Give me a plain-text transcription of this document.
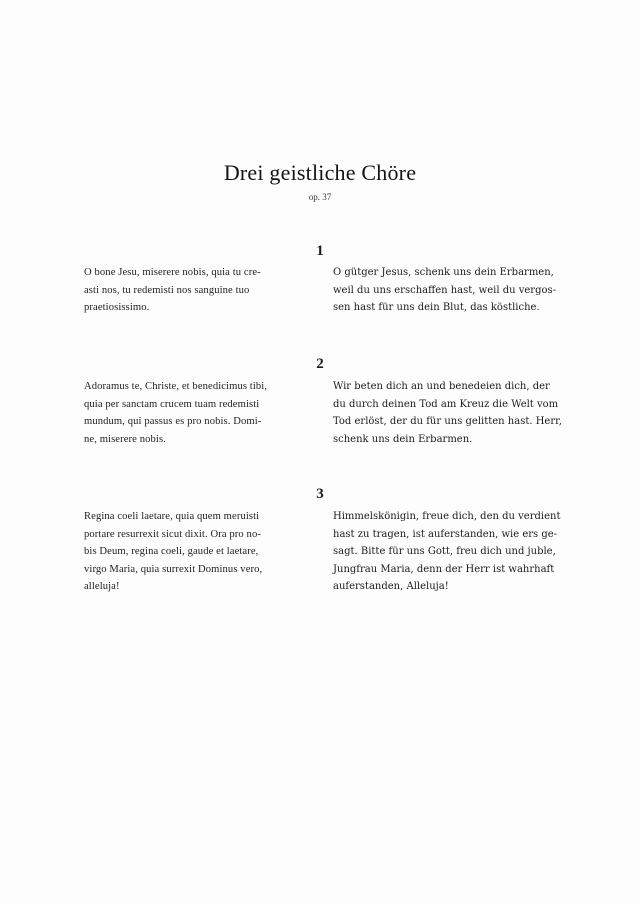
Drei geistliche Chöre
op. 37
1
O bone Jesu, miserere nobis, quia tu cre-
asti nos, tu redemisti nos sanguine tuo
praetiosissimo.
O gütger Jesus, schenk uns dein Erbarmen,
weil du uns erschaffen hast, weil du vergos-
sen hast für uns dein Blut, das köstliche.
2
Adoramus te, Christe, et benedicimus tibi,
quia per sanctam crucem tuam redemisti
mundum, qui passus es pro nobis. Domi-
ne, miserere nobis.
Wir beten dich an und benedeien dich, der
du durch deinen Tod am Kreuz die Welt vom
Tod erlöst, der du für uns gelitten hast. Herr,
schenk uns dein Erbarmen.
3
Regina coeli laetare, quia quem meruisti
portare resurrexit sicut dixit. Ora pro no-
bis Deum, regina coeli, gaude et laetare,
virgo Maria, quia surrexit Dominus vero,
alleluja!
Himmelskönigin, freue dich, den du verdient
hast zu tragen, ist auferstanden, wie ers ge-
sagt. Bitte für uns Gott, freu dich und juble,
Jungfrau Maria, denn der Herr ist wahrhaft
auferstanden, Alleluja!
